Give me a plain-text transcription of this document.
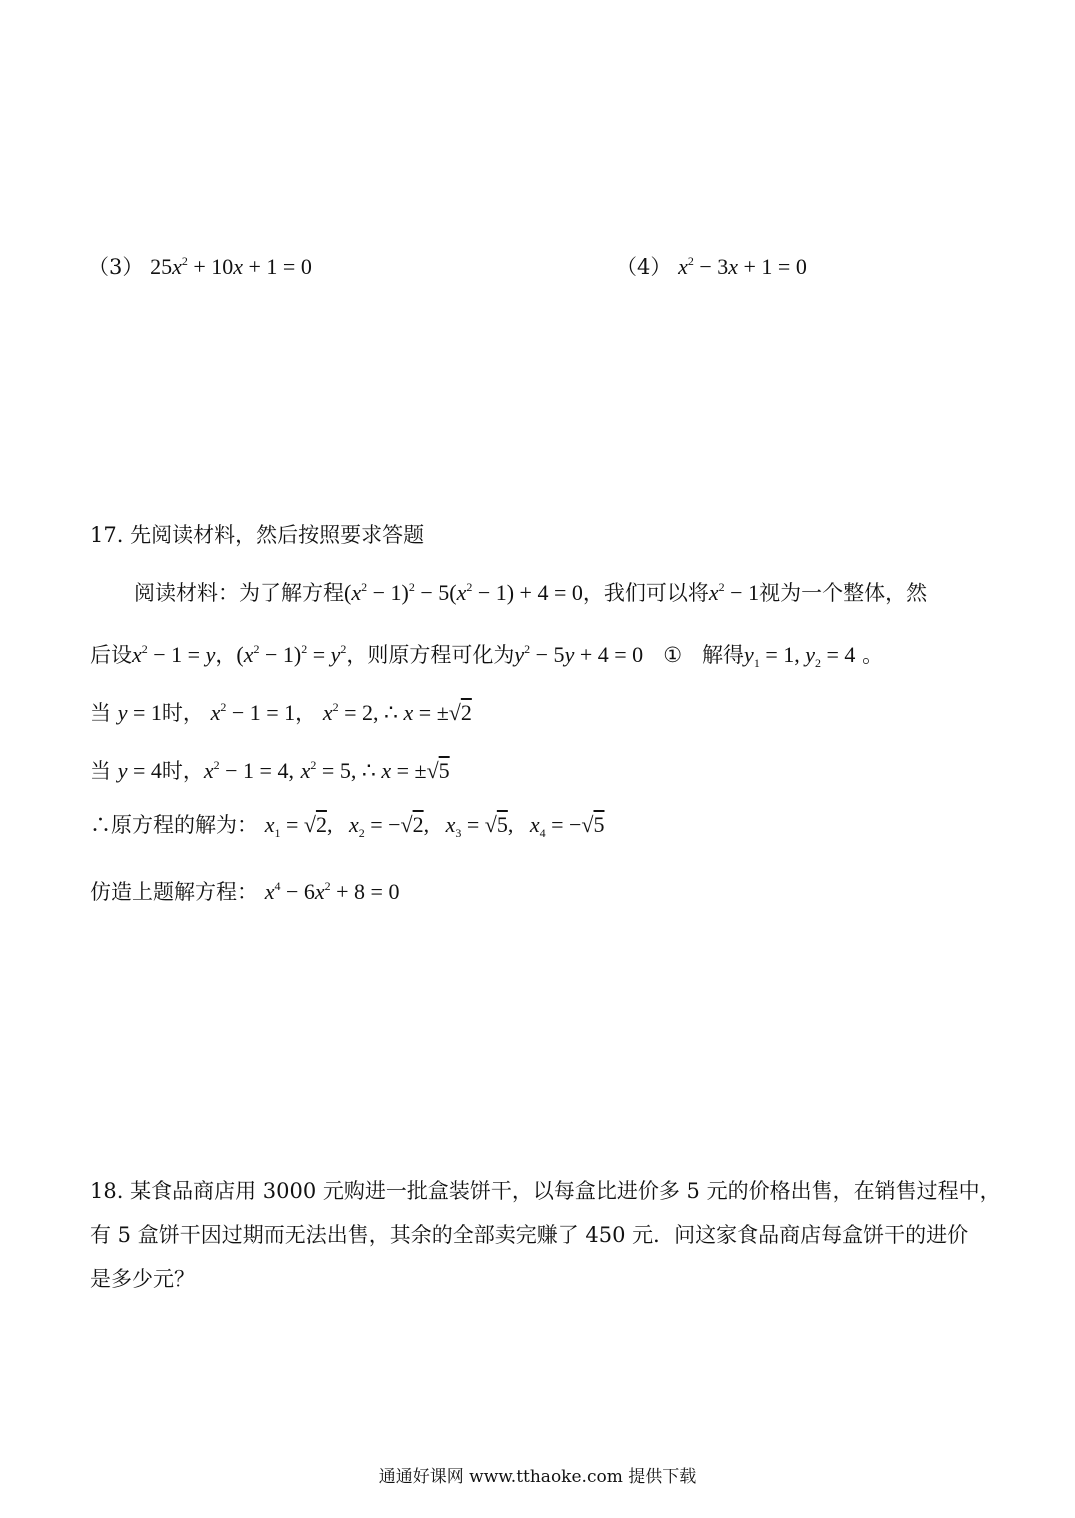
（3） $25x^2 + 10x + 1 = 0$	（4） $x^2 - 3x + 1 = 0$
17. 先阅读材料，然后按照要求答题
阅读材料：为了解方程$(x^2 - 1)^2 - 5(x^2 - 1) + 4 = 0$，我们可以将$x^2 - 1$视为一个整体，然
后设$x^2 - 1 = y$，$(x^2 - 1)^2 = y^2$，则原方程可化为$y^2 - 5y + 4 = 0$ ① 解得$y_1 = 1$, $y_2 = 4$ 。
当 y = 1时， $x^2 - 1 = 1$， $x^2 = 2$, ∴ x = ±√2
当 y = 4时，$x^2 - 1 = 4$, $x^2 = 5$, ∴ x = ±√5
∴原方程的解为： $x_1 = √2$,   $x_2 = -√2$,   $x_3 = √5$,   $x_4 = -√5$
仿造上题解方程： $x^4 - 6x^2 + 8 = 0$
18. 某食品商店用 3000 元购进一批盒装饼干，以每盒比进价多 5 元的价格出售，在销售过程中，
有 5 盒饼干因过期而无法出售，其余的全部卖完赚了 450 元．问这家食品商店每盒饼干的进价
是多少元？
通通好课网 www.tthaoke.com 提供下载
